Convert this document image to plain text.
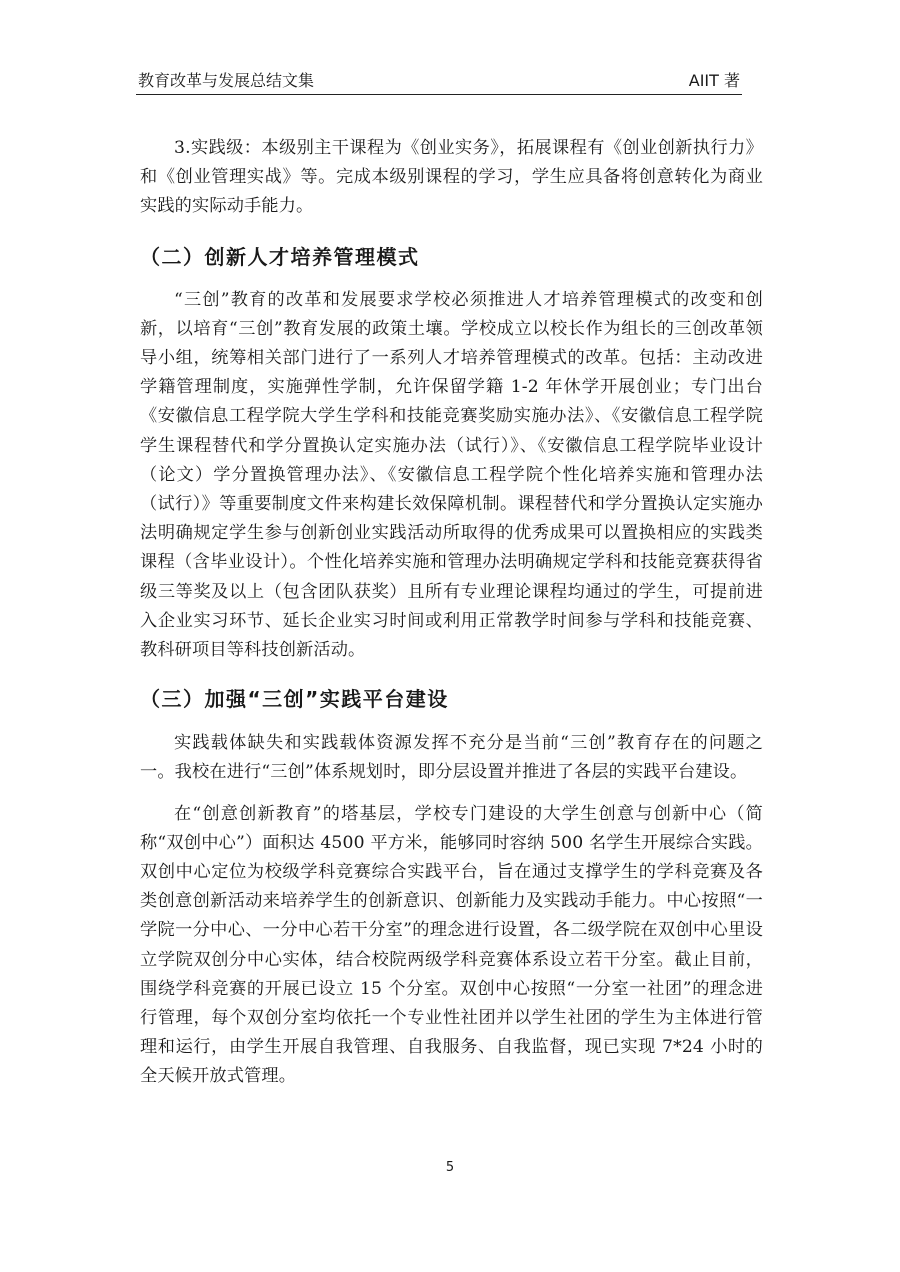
教育改革与发展总结文集	AIIT 著

3.实践级：本级别主干课程为《创业实务》，拓展课程有《创业创新执行力》和《创业管理实战》等。完成本级别课程的学习，学生应具备将创意转化为商业实践的实际动手能力。

（二）创新人才培养管理模式

“三创”教育的改革和发展要求学校必须推进人才培养管理模式的改变和创新，以培育“三创”教育发展的政策土壤。学校成立以校长作为组长的三创改革领导小组，统筹相关部门进行了一系列人才培养管理模式的改革。包括：主动改进学籍管理制度，实施弹性学制，允许保留学籍 1-2 年休学开展创业；专门出台《安徽信息工程学院大学生学科和技能竞赛奖励实施办法》、《安徽信息工程学院学生课程替代和学分置换认定实施办法（试行）》、《安徽信息工程学院毕业设计（论文）学分置换管理办法》、《安徽信息工程学院个性化培养实施和管理办法（试行）》等重要制度文件来构建长效保障机制。课程替代和学分置换认定实施办法明确规定学生参与创新创业实践活动所取得的优秀成果可以置换相应的实践类课程（含毕业设计）。个性化培养实施和管理办法明确规定学科和技能竞赛获得省级三等奖及以上（包含团队获奖）且所有专业理论课程均通过的学生，可提前进入企业实习环节、延长企业实习时间或利用正常教学时间参与学科和技能竞赛、教科研项目等科技创新活动。

（三）加强“三创”实践平台建设

实践载体缺失和实践载体资源发挥不充分是当前“三创”教育存在的问题之一。我校在进行“三创”体系规划时，即分层设置并推进了各层的实践平台建设。

在“创意创新教育”的塔基层，学校专门建设的大学生创意与创新中心（简称“双创中心”）面积达 4500 平方米，能够同时容纳 500 名学生开展综合实践。双创中心定位为校级学科竞赛综合实践平台，旨在通过支撑学生的学科竞赛及各类创意创新活动来培养学生的创新意识、创新能力及实践动手能力。中心按照“一学院一分中心、一分中心若干分室”的理念进行设置，各二级学院在双创中心里设立学院双创分中心实体，结合校院两级学科竞赛体系设立若干分室。截止目前，围绕学科竞赛的开展已设立 15 个分室。双创中心按照“一分室一社团”的理念进行管理，每个双创分室均依托一个专业性社团并以学生社团的学生为主体进行管理和运行，由学生开展自我管理、自我服务、自我监督，现已实现 7*24 小时的全天候开放式管理。

5
